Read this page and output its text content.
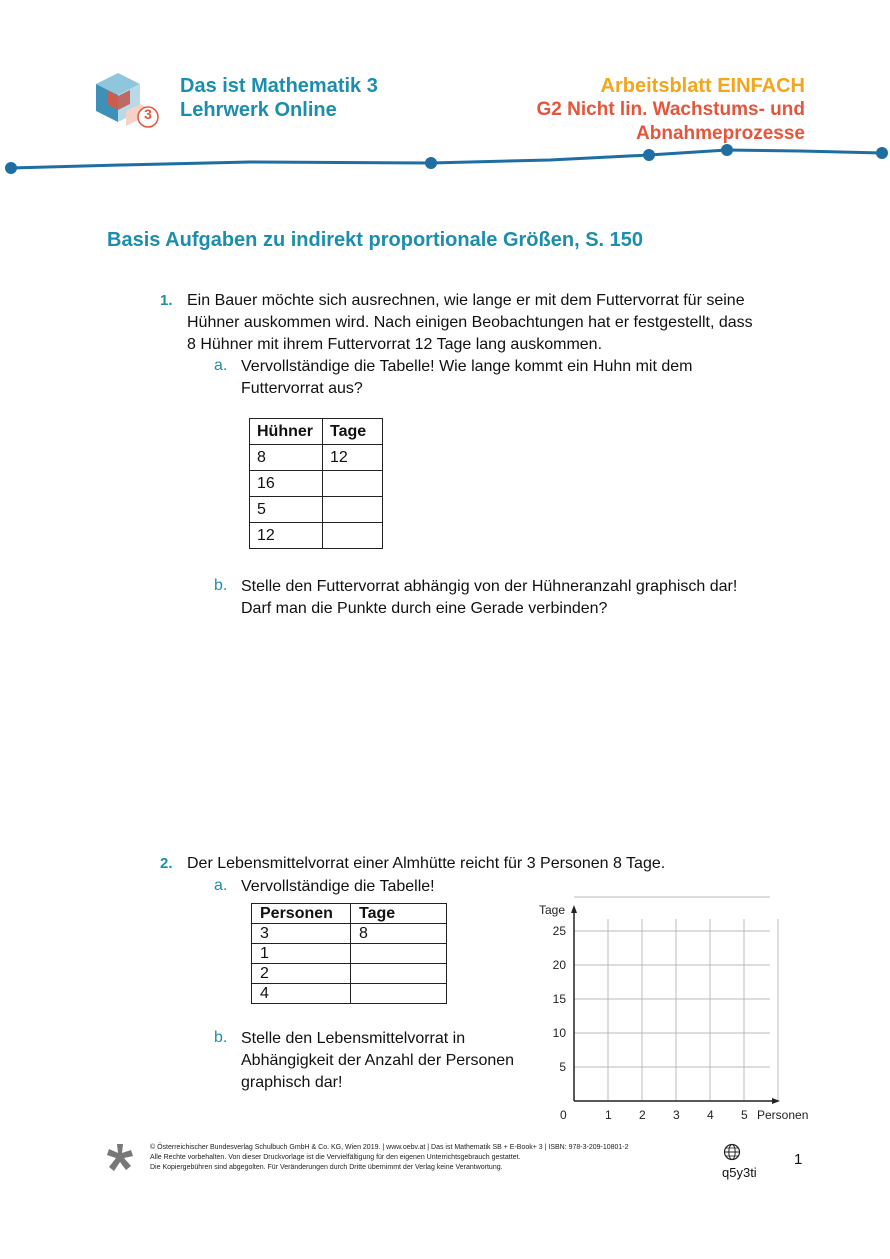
3
Das ist Mathematik 3
Lehrwerk Online
Arbeitsblatt EINFACH
G2 Nicht lin. Wachstums- und
Abnahmeprozesse
Basis Aufgaben zu indirekt proportionale Größen, S. 150
1. Ein Bauer möchte sich ausrechnen, wie lange er mit dem Futtervorrat für seine
Hühner auskommen wird. Nach einigen Beobachtungen hat er festgestellt, dass
8 Hühner mit ihrem Futtervorrat 12 Tage lang auskommen.
a. Vervollständige die Tabelle! Wie lange kommt ein Huhn mit dem
Futtervorrat aus?
Hühner	Tage
8	12
16	
5	
12	
b. Stelle den Futtervorrat abhängig von der Hühneranzahl graphisch dar!
Darf man die Punkte durch eine Gerade verbinden?
2. Der Lebensmittelvorrat einer Almhütte reicht für 3 Personen 8 Tage.
a. Vervollständige die Tabelle!
Personen	Tage
3	8
1	
2	
4	
b. Stelle den Lebensmittelvorrat in
Abhängigkeit der Anzahl der Personen
graphisch dar!
1 2 3 4 5
5
10
15
20
25
Tage
Personen
0
© Österreichischer Bundesverlag Schulbuch GmbH & Co. KG, Wien 2019. | www.oebv.at | Das ist Mathematik SB + E-Book+ 3 | ISBN: 978-3-209-10801-2
Alle Rechte vorbehalten. Von dieser Druckvorlage ist die Vervielfältigung für den eigenen Unterrichtsgebrauch gestattet.
Die Kopiergebühren sind abgegolten. Für Veränderungen durch Dritte übernimmt der Verlag keine Verantwortung.	q5y3ti
1
